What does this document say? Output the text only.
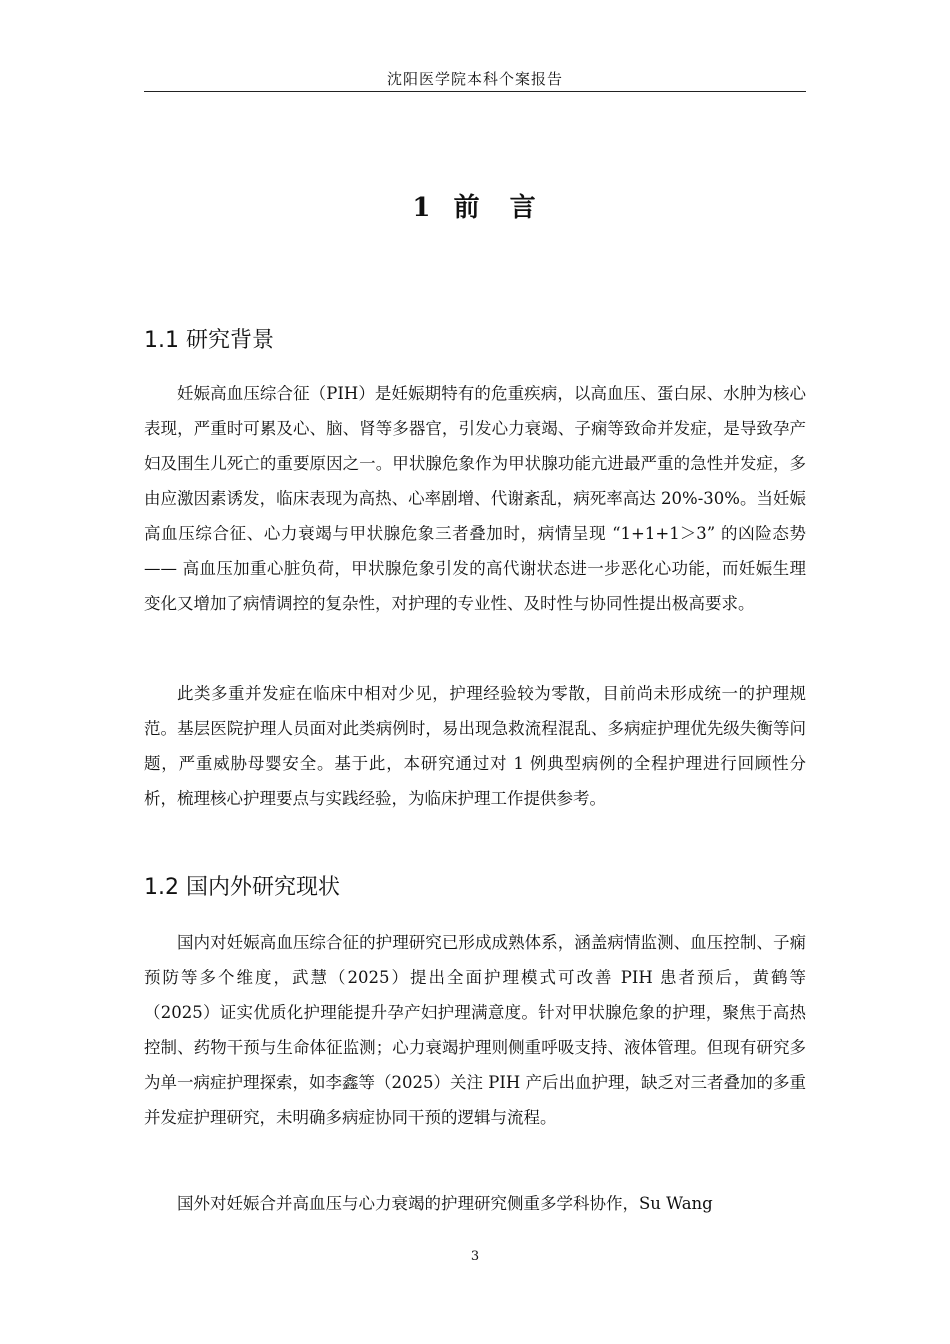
沈阳医学院本科个案报告
1 前　言
1.1 研究背景

妊娠高血压综合征（PIH）是妊娠期特有的危重疾病，以高血压、蛋白尿、水肿为核心表现，严重时可累及心、脑、肾等多器官，引发心力衰竭、子痫等致命并发症，是导致孕产妇及围生儿死亡的重要原因之一。甲状腺危象作为甲状腺功能亢进最严重的急性并发症，多由应激因素诱发，临床表现为高热、心率剧增、代谢紊乱，病死率高达 20%-30%。当妊娠高血压综合征、心力衰竭与甲状腺危象三者叠加时，病情呈现 “1+1+1＞3” 的凶险态势 —— 高血压加重心脏负荷，甲状腺危象引发的高代谢状态进一步恶化心功能，而妊娠生理变化又增加了病情调控的复杂性，对护理的专业性、及时性与协同性提出极高要求。

此类多重并发症在临床中相对少见，护理经验较为零散，目前尚未形成统一的护理规范。基层医院护理人员面对此类病例时，易出现急救流程混乱、多病症护理优先级失衡等问题，严重威胁母婴安全。基于此，本研究通过对 1 例典型病例的全程护理进行回顾性分析，梳理核心护理要点与实践经验，为临床护理工作提供参考。

1.2 国内外研究现状

国内对妊娠高血压综合征的护理研究已形成成熟体系，涵盖病情监测、血压控制、子痫预防等多个维度，武慧（2025）提出全面护理模式可改善 PIH 患者预后，黄鹤等（2025）证实优质化护理能提升孕产妇护理满意度。针对甲状腺危象的护理，聚焦于高热控制、药物干预与生命体征监测；心力衰竭护理则侧重呼吸支持、液体管理。但现有研究多为单一病症护理探索，如李鑫等（2025）关注 PIH 产后出血护理，缺乏对三者叠加的多重并发症护理研究，未明确多病症协同干预的逻辑与流程。

国外对妊娠合并高血压与心力衰竭的护理研究侧重多学科协作，Su Wang

3
